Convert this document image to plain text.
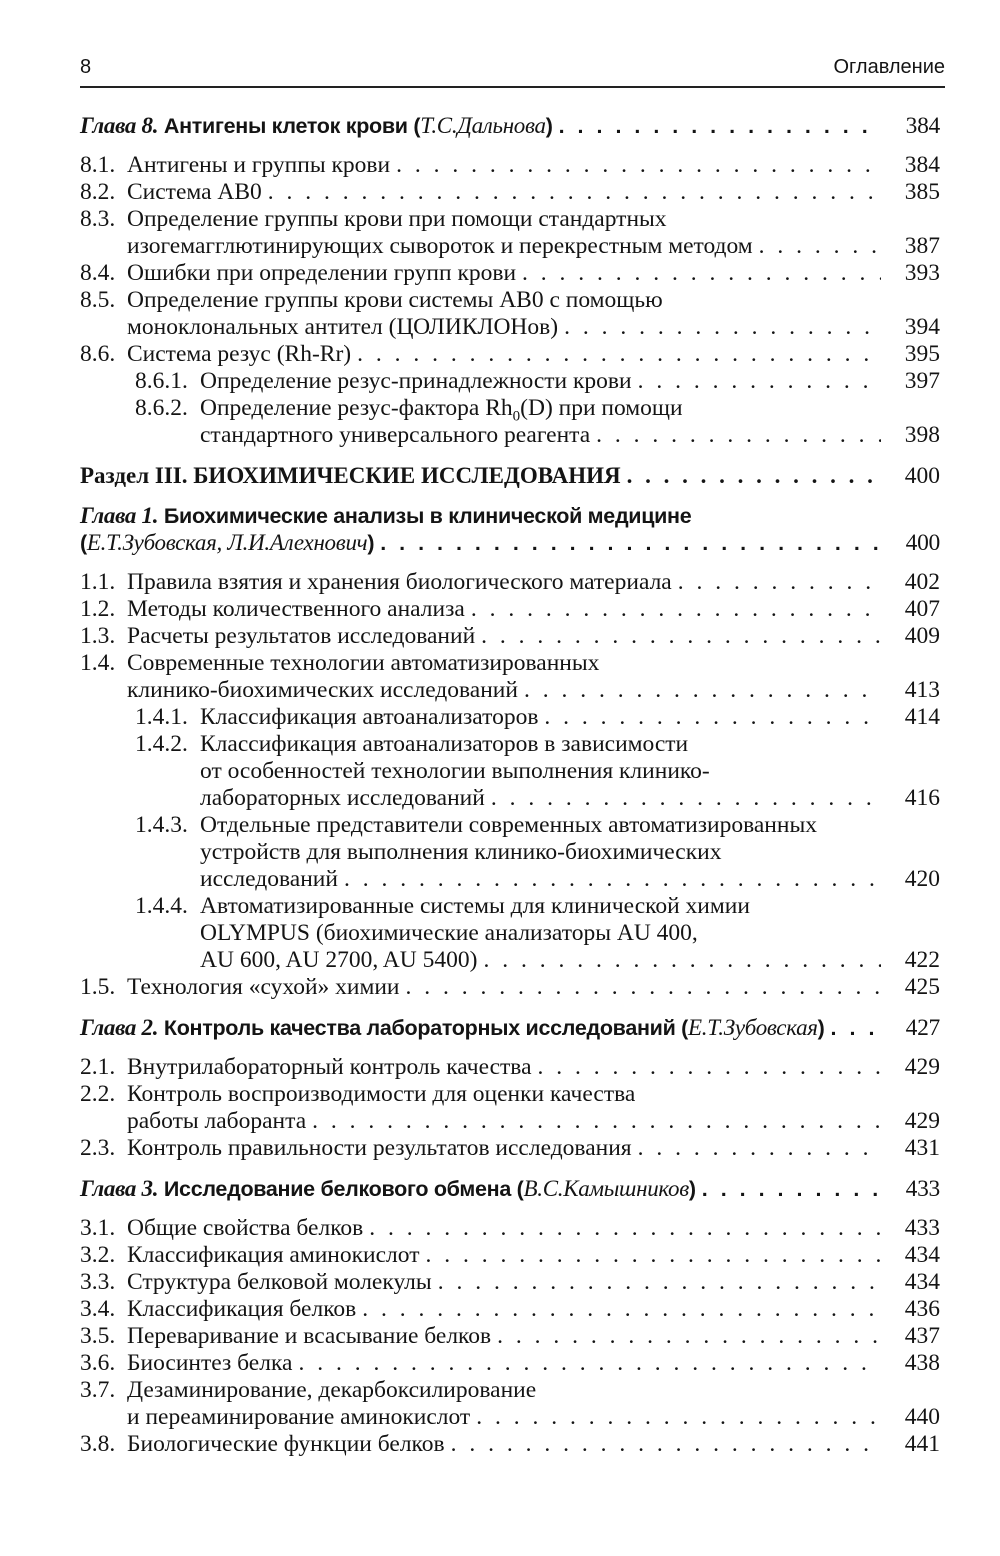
8	Оглавление
Глава 8. Антигены клеток крови (Т.С.Дальнова) . . .	384
8.1. Антигены и группы крови . . .	384
8.2. Система АВ0 . . .	385
8.3. Определение группы крови при помощи стандартных
изогемагглютинирующих сывороток и перекрестным методом . . .	387
8.4. Ошибки при определении групп крови . . .	393
8.5. Определение группы крови системы АВ0 с помощью
моноклональных антител (ЦОЛИКЛОНов) . . .	394
8.6. Система резус (Rh-Rr) . . .	395
8.6.1. Определение резус-принадлежности крови . . .	397
8.6.2. Определение резус-фактора $Rh_0(D)$ при помощи
стандартного универсального реагента . . .	398
Раздел III. БИОХИМИЧЕСКИЕ ИССЛЕДОВАНИЯ . . .	400
Глава 1. Биохимические анализы в клинической медицине
(Е.Т.Зубовская, Л.И.Алехнович) . . .	400
1.1. Правила взятия и хранения биологического материала . . .	402
1.2. Методы количественного анализа . . .	407
1.3. Расчеты результатов исследований . . .	409
1.4. Современные технологии автоматизированных
клинико-биохимических исследований . . .	413
1.4.1. Классификация автоанализаторов . . .	414
1.4.2. Классификация автоанализаторов в зависимости
от особенностей технологии выполнения клинико-
лабораторных исследований . . .	416
1.4.3. Отдельные представители современных автоматизированных
устройств для выполнения клинико-биохимических
исследований . . .	420
1.4.4. Автоматизированные системы для клинической химии
OLYMPUS (биохимические анализаторы AU 400,
AU 600, AU 2700, AU 5400) . . .	422
1.5. Технология «сухой» химии . . .	425
Глава 2. Контроль качества лабораторных исследований (Е.Т.Зубовская) . . .	427
2.1. Внутрилабораторный контроль качества . . .	429
2.2. Контроль воспроизводимости для оценки качества
работы лаборанта . . .	429
2.3. Контроль правильности результатов исследования . . .	431
Глава 3. Исследование белкового обмена (В.С.Камышников) . . .	433
3.1. Общие свойства белков . . .	433
3.2. Классификация аминокислот . . .	434
3.3. Структура белковой молекулы . . .	434
3.4. Классификация белков . . .	436
3.5. Переваривание и всасывание белков . . .	437
3.6. Биосинтез белка . . .	438
3.7. Дезаминирование, декарбоксилирование
и переаминирование аминокислот . . .	440
3.8. Биологические функции белков . . .	441
